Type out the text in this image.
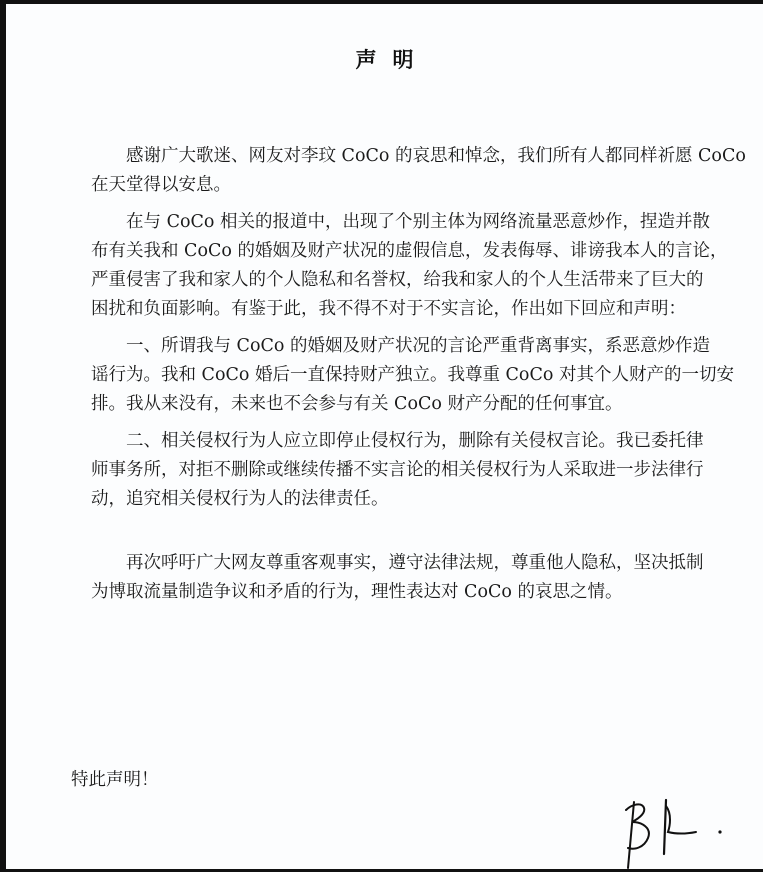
声明

感谢广大歌迷、网友对李玟 CoCo 的哀思和悼念，我们所有人都同样祈愿 CoCo
在天堂得以安息。

在与 CoCo 相关的报道中，出现了个别主体为网络流量恶意炒作，捏造并散
布有关我和 CoCo 的婚姻及财产状况的虚假信息，发表侮辱、诽谤我本人的言论，
严重侵害了我和家人的个人隐私和名誉权，给我和家人的个人生活带来了巨大的
困扰和负面影响。有鉴于此，我不得不对于不实言论，作出如下回应和声明：

一、所谓我与 CoCo 的婚姻及财产状况的言论严重背离事实，系恶意炒作造
谣行为。我和 CoCo 婚后一直保持财产独立。我尊重 CoCo 对其个人财产的一切安
排。我从来没有，未来也不会参与有关 CoCo 财产分配的任何事宜。

二、相关侵权行为人应立即停止侵权行为，删除有关侵权言论。我已委托律
师事务所，对拒不删除或继续传播不实言论的相关侵权行为人采取进一步法律行
动，追究相关侵权行为人的法律责任。

再次呼吁广大网友尊重客观事实，遵守法律法规，尊重他人隐私，坚决抵制
为博取流量制造争议和矛盾的行为，理性表达对 CoCo 的哀思之情。

特此声明！
